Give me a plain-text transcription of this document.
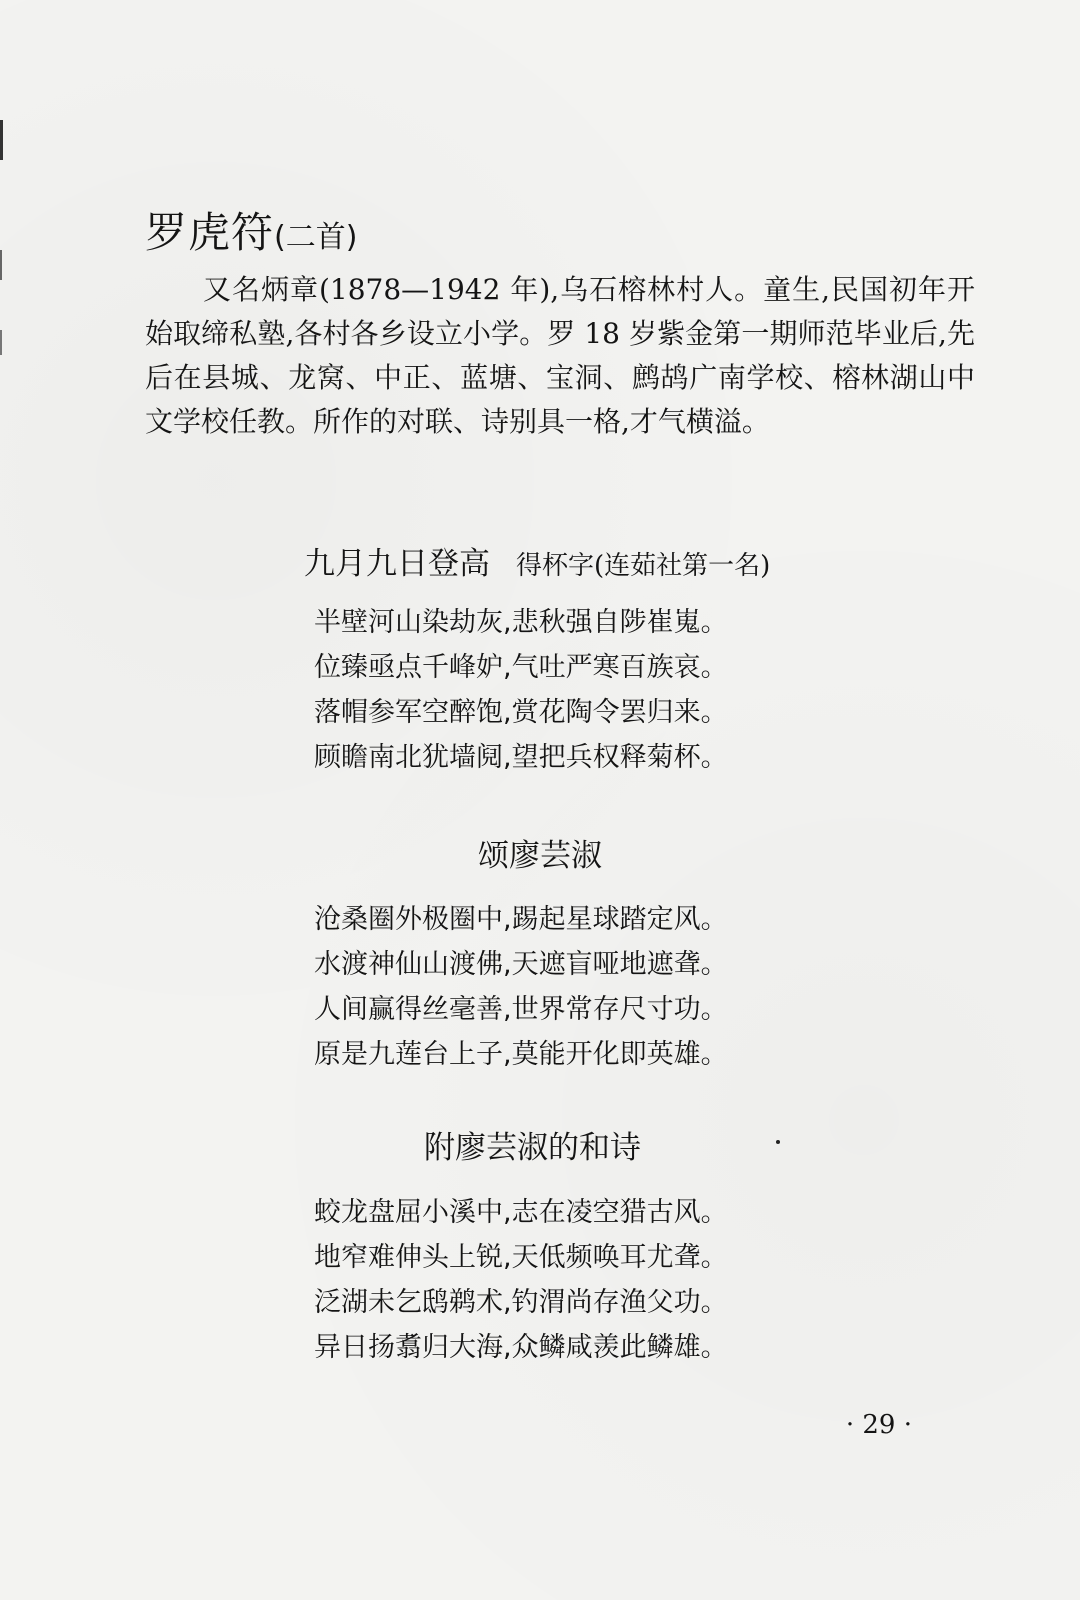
罗虎符(二首)

又名炳章(1878—1942 年),乌石榕林村人。童生,民国初年开始取缔私塾,各村各乡设立小学。罗 18 岁紫金第一期师范毕业后,先后在县城、龙窝、中正、蓝塘、宝洞、鹧鸪广南学校、榕林湖山中文学校任教。所作的对联、诗别具一格,才气横溢。

九月九日登高 得杯字(连茹社第一名)
半壁河山染劫灰,悲秋强自陟崔嵬。
位臻亟点千峰妒,气吐严寒百族哀。
落帽参军空醉饱,赏花陶令罢归来。
顾瞻南北犹墙阋,望把兵权释菊杯。
颂廖芸淑
沧桑圈外极圈中,踢起星球踏定风。
水渡神仙山渡佛,天遮盲哑地遮聋。
人间赢得丝毫善,世界常存尺寸功。
原是九莲台上子,莫能开化即英雄。
附廖芸淑的和诗
蛟龙盘屈小溪中,志在凌空猎古风。
地窄难伸头上锐,天低频唤耳尤聋。
泛湖未乞鸱鹈术,钓渭尚存渔父功。
异日扬翥归大海,众鳞咸羡此鳞雄。
· 29 ·
